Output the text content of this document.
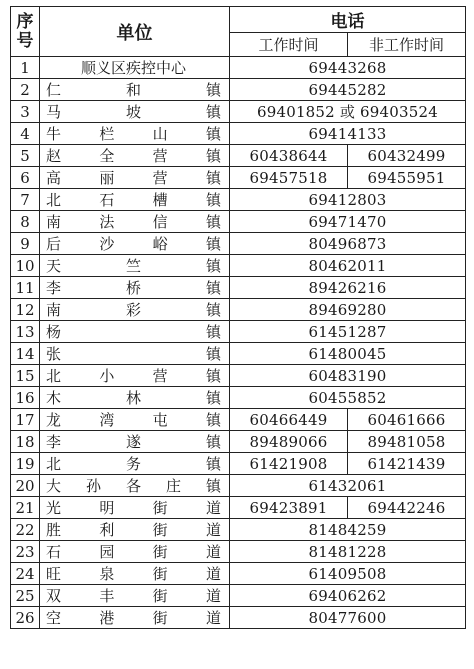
序
号	单位	电话	
		工作时间	非工作时间
1	顺义区疾控中心	69443268	
2	仁 和 镇	69445282	
3	马 坡 镇	69401852 或 69403524	
4	牛 栏 山 镇	69414133	
5	赵 全 营 镇	60438644	60432499
6	高 丽 营 镇	69457518	69455951
7	北 石 槽 镇	69412803	
8	南 法 信 镇	69471470	
9	后 沙 峪 镇	80496873	
10	天 竺 镇	80462011	
11	李 桥 镇	89426216	
12	南 彩 镇	89469280	
13	杨 镇	61451287	
14	张 镇	61480045	
15	北 小 营 镇	60483190	
16	木 林 镇	60455852	
17	龙 湾 屯 镇	60466449	60461666
18	李 遂 镇	89489066	89481058
19	北 务 镇	61421908	61421439
20	大 孙 各 庄 镇	61432061	
21	光 明 街 道	69423891	69442246
22	胜 利 街 道	81484259	
23	石 园 街 道	81481228	
24	旺 泉 街 道	61409508	
25	双 丰 街 道	69406262	
26	空 港 街 道	80477600	
